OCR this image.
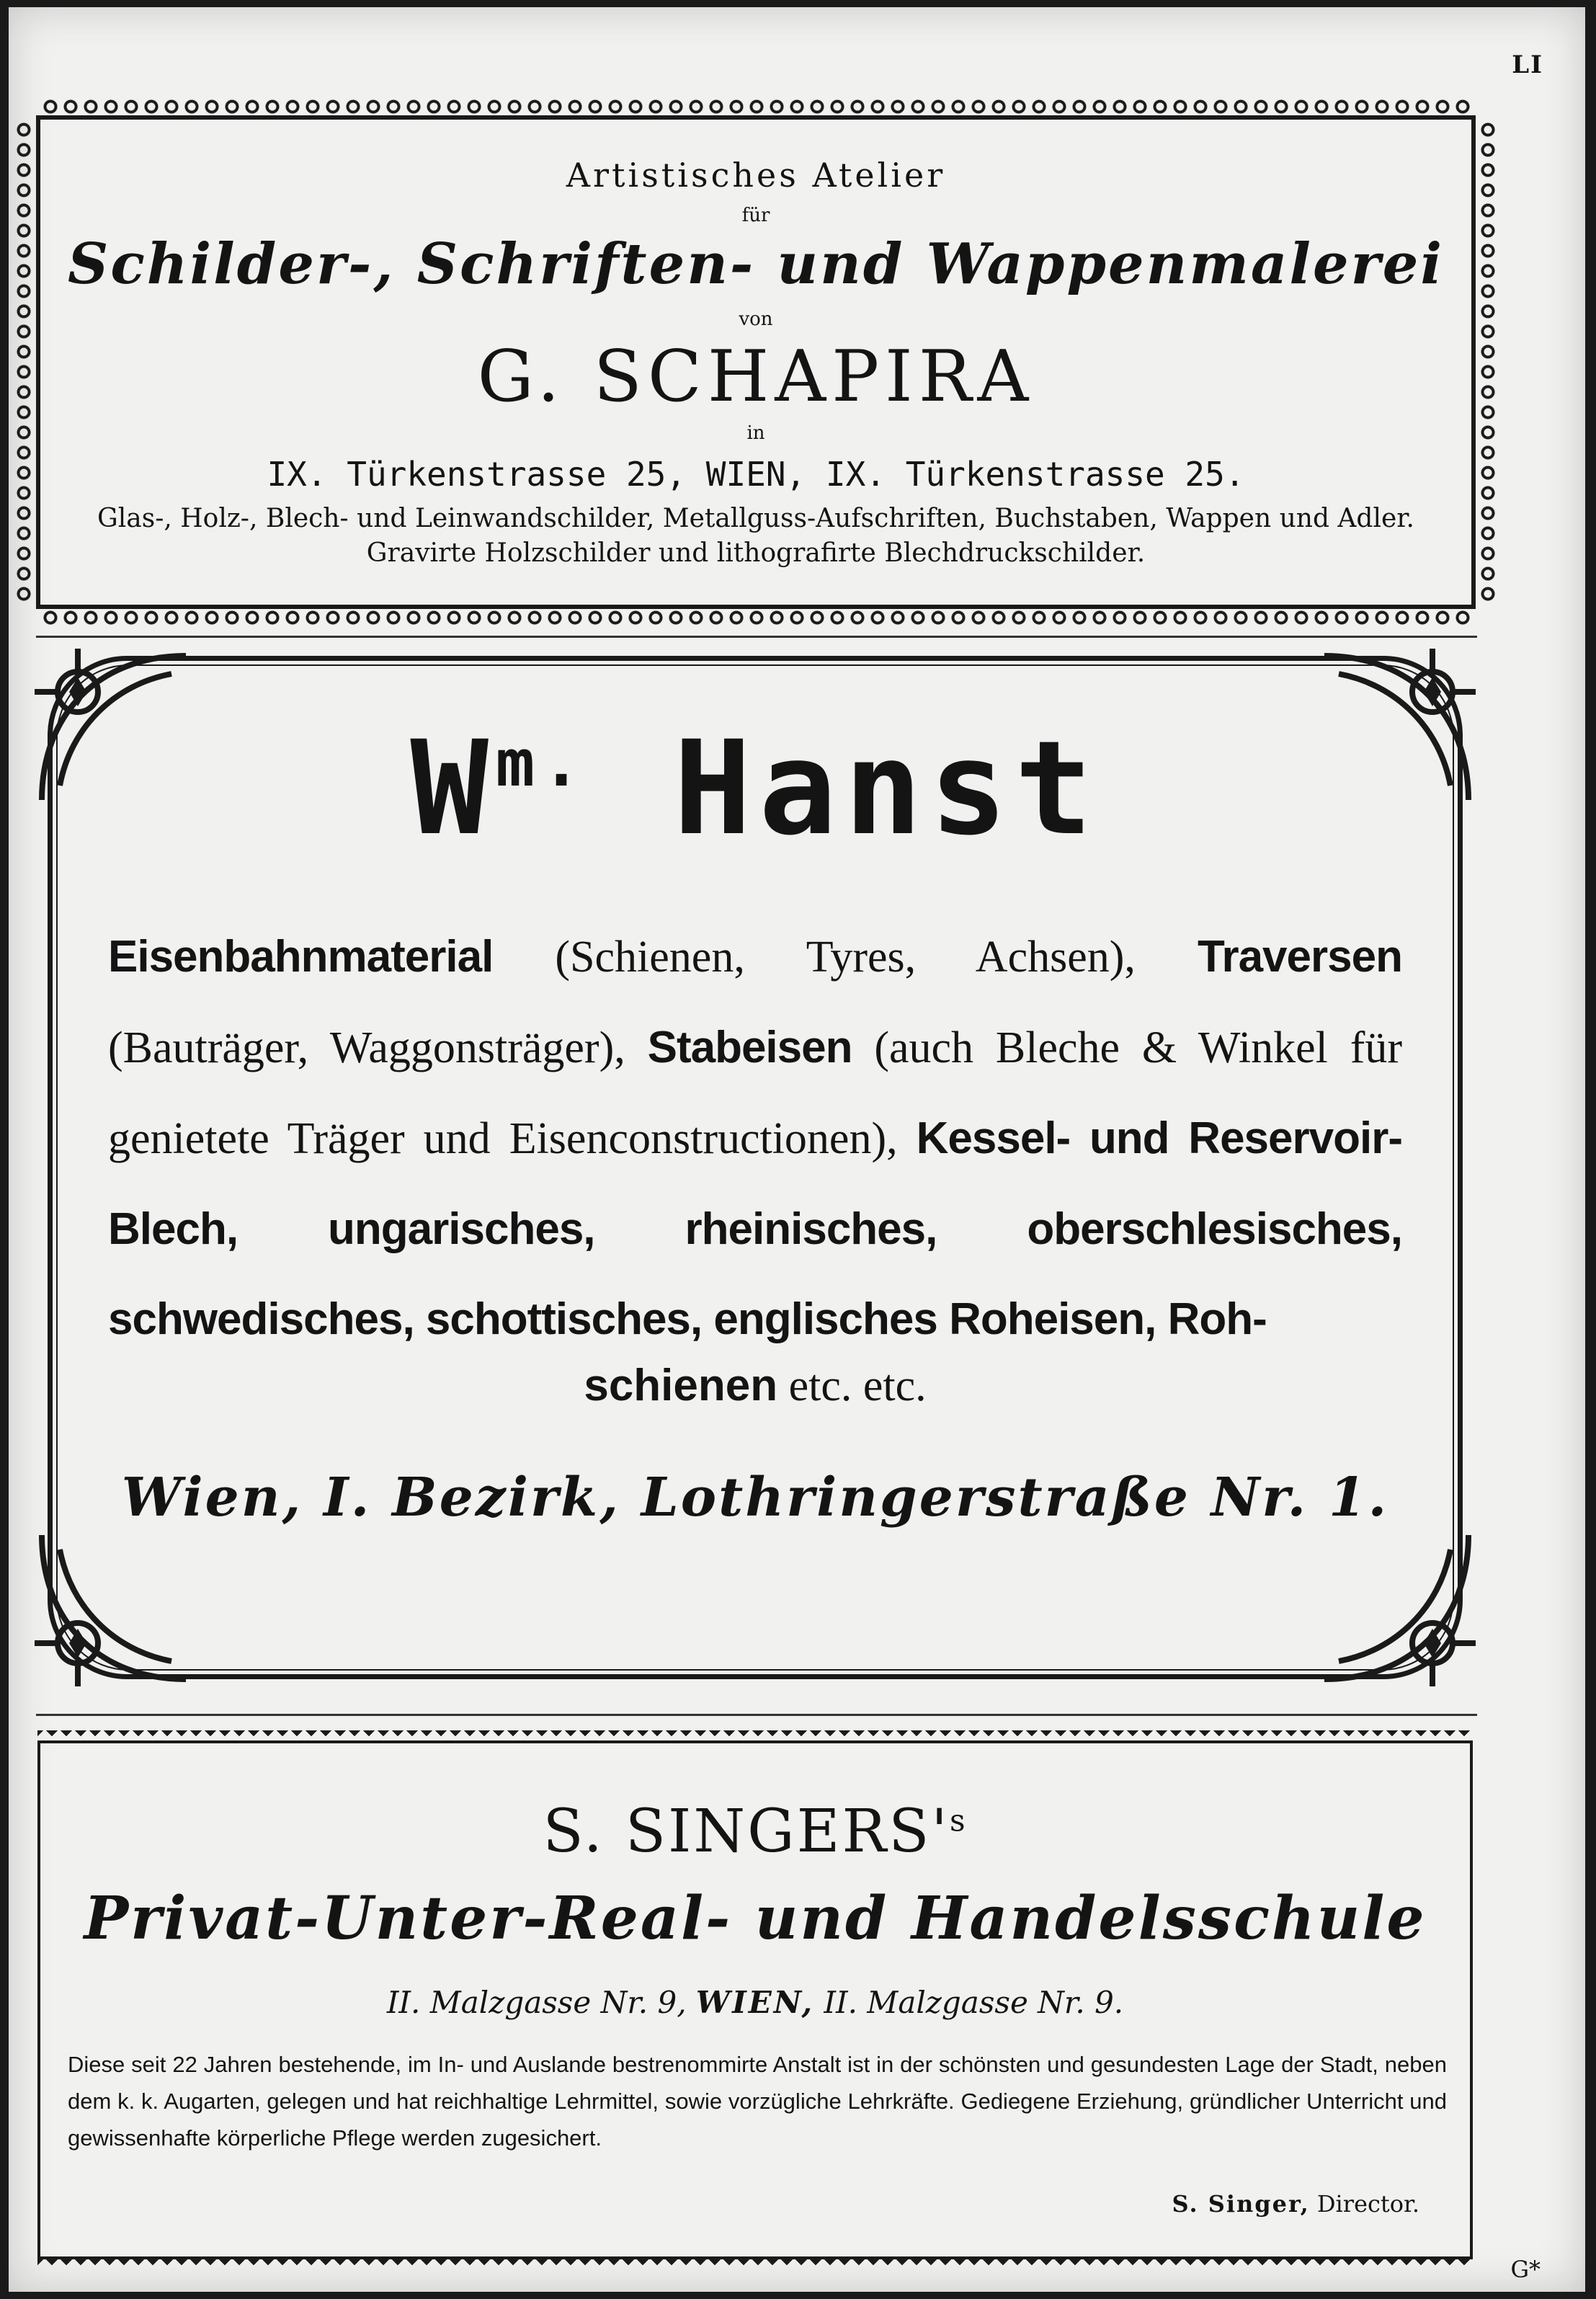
LI
Artistisches Atelier
für
Schilder-, Schriften- und Wappenmalerei
von
G. SCHAPIRA
in
IX. Türkenstrasse 25, WIEN, IX. Türkenstrasse 25.
Glas-, Holz-, Blech- und Leinwandschilder, Metallguss-Aufschriften, Buchstaben, Wappen und Adler. Gravirte Holzschilder und lithografirte Blechdruckschilder.
$W^{m.}$ Hanst
Eisenbahnmaterial (Schienen, Tyres, Achsen), Traversen (Bauträger, Waggonsträger), Stabeisen (auch Bleche & Winkel für genietete Träger und Eisenconstructionen), Kessel- und Reservoir-Blech, ungarisches, rheinisches, oberschlesisches, schwedisches, schottisches, englisches Roheisen, Roh-
schienen etc. etc.
Wien, I. Bezirk, Lothringerstraße Nr. 1.
S. $SINGERS'^s$
Privat-Unter-Real- und Handelsschule
II. Malzgasse Nr. 9, WIEN, II. Malzgasse Nr. 9.
Diese seit 22 Jahren bestehende, im In- und Auslande bestrenommirte Anstalt ist in der schönsten und gesundesten Lage der Stadt, neben dem k. k. Augarten, gelegen und hat reichhaltige Lehrmittel, sowie vorzügliche Lehrkräfte. Gediegene Erziehung, gründlicher Unterricht und gewissenhafte körperliche Pflege werden zugesichert.
S. Singer, Director.
G*
